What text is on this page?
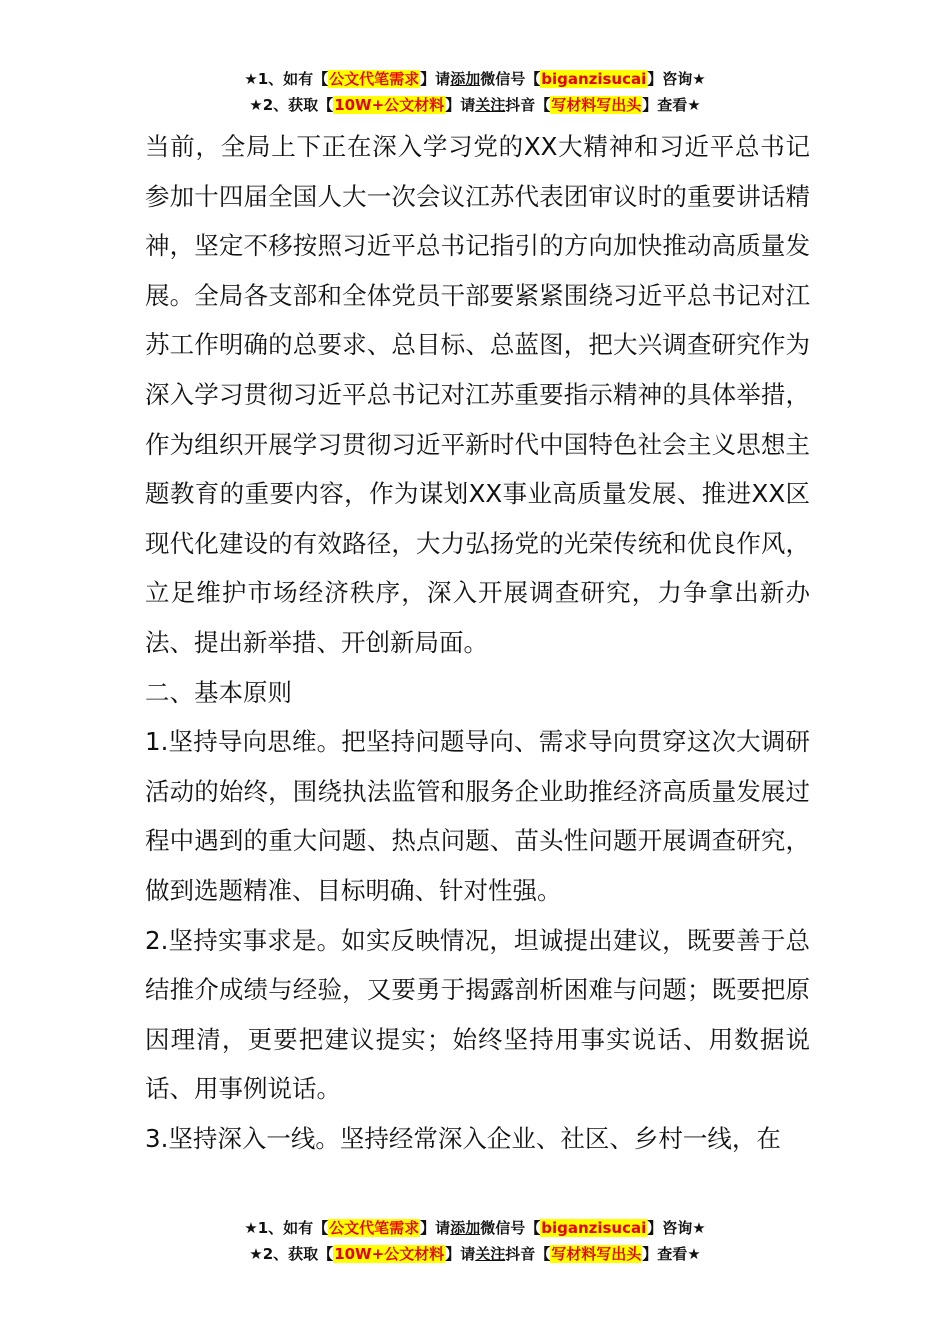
★1、如有【公文代笔需求】请添加微信号【biganzisucai】咨询★
★2、获取【10W+公文材料】请关注抖音【写材料写出头】查看★

当前，全局上下正在深入学习党的XX大精神和习近平总书记参加十四届全国人大一次会议江苏代表团审议时的重要讲话精神，坚定不移按照习近平总书记指引的方向加快推动高质量发展。全局各支部和全体党员干部要紧紧围绕习近平总书记对江苏工作明确的总要求、总目标、总蓝图，把大兴调查研究作为深入学习贯彻习近平总书记对江苏重要指示精神的具体举措，作为组织开展学习贯彻习近平新时代中国特色社会主义思想主题教育的重要内容，作为谋划XX事业高质量发展、推进XX区现代化建设的有效路径，大力弘扬党的光荣传统和优良作风，立足维护市场经济秩序，深入开展调查研究，力争拿出新办法、提出新举措、开创新局面。

二、基本原则

1.坚持导向思维。把坚持问题导向、需求导向贯穿这次大调研活动的始终，围绕执法监管和服务企业助推经济高质量发展过程中遇到的重大问题、热点问题、苗头性问题开展调查研究，做到选题精准、目标明确、针对性强。

2.坚持实事求是。如实反映情况，坦诚提出建议，既要善于总结推介成绩与经验，又要勇于揭露剖析困难与问题；既要把原因理清，更要把建议提实；始终坚持用事实说话、用数据说话、用事例说话。

3.坚持深入一线。坚持经常深入企业、社区、乡村一线，在

★1、如有【公文代笔需求】请添加微信号【biganzisucai】咨询★
★2、获取【10W+公文材料】请关注抖音【写材料写出头】查看★
